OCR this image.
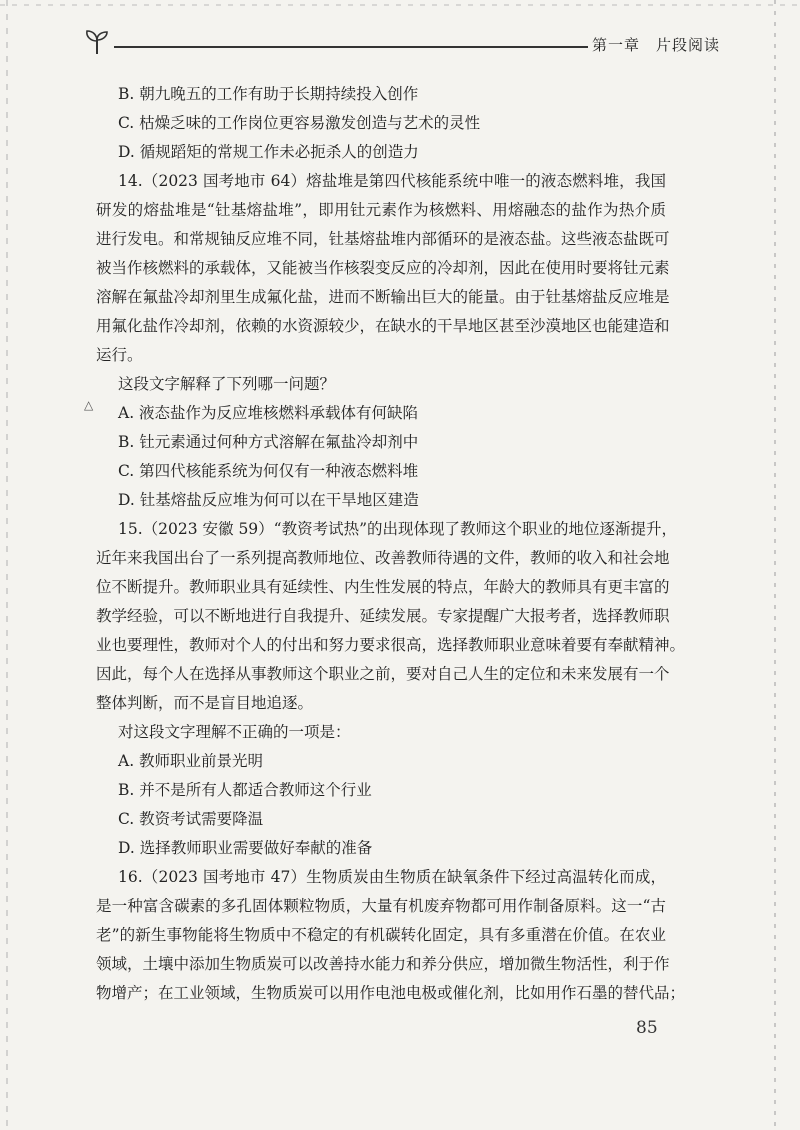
第一章　片段阅读
△
B. 朝九晚五的工作有助于长期持续投入创作
C. 枯燥乏味的工作岗位更容易激发创造与艺术的灵性
D. 循规蹈矩的常规工作未必扼杀人的创造力
14.（2023 国考地市 64）熔盐堆是第四代核能系统中唯一的液态燃料堆，我国
研发的熔盐堆是“钍基熔盐堆”，即用钍元素作为核燃料、用熔融态的盐作为热介质
进行发电。和常规铀反应堆不同，钍基熔盐堆内部循环的是液态盐。这些液态盐既可
被当作核燃料的承载体，又能被当作核裂变反应的冷却剂，因此在使用时要将钍元素
溶解在氟盐冷却剂里生成氟化盐，进而不断输出巨大的能量。由于钍基熔盐反应堆是
用氟化盐作冷却剂，依赖的水资源较少，在缺水的干旱地区甚至沙漠地区也能建造和
运行。
这段文字解释了下列哪一问题？
A. 液态盐作为反应堆核燃料承载体有何缺陷
B. 钍元素通过何种方式溶解在氟盐冷却剂中
C. 第四代核能系统为何仅有一种液态燃料堆
D. 钍基熔盐反应堆为何可以在干旱地区建造
15.（2023 安徽 59）“教资考试热”的出现体现了教师这个职业的地位逐渐提升，
近年来我国出台了一系列提高教师地位、改善教师待遇的文件，教师的收入和社会地
位不断提升。教师职业具有延续性、内生性发展的特点，年龄大的教师具有更丰富的
教学经验，可以不断地进行自我提升、延续发展。专家提醒广大报考者，选择教师职
业也要理性，教师对个人的付出和努力要求很高，选择教师职业意味着要有奉献精神。
因此，每个人在选择从事教师这个职业之前，要对自己人生的定位和未来发展有一个
整体判断，而不是盲目地追逐。
对这段文字理解不正确的一项是：
A. 教师职业前景光明
B. 并不是所有人都适合教师这个行业
C. 教资考试需要降温
D. 选择教师职业需要做好奉献的准备
16.（2023 国考地市 47）生物质炭由生物质在缺氧条件下经过高温转化而成，
是一种富含碳素的多孔固体颗粒物质，大量有机废弃物都可用作制备原料。这一“古
老”的新生事物能将生物质中不稳定的有机碳转化固定，具有多重潜在价值。在农业
领域，土壤中添加生物质炭可以改善持水能力和养分供应，增加微生物活性，利于作
物增产；在工业领域，生物质炭可以用作电池电极或催化剂，比如用作石墨的替代品；
85
